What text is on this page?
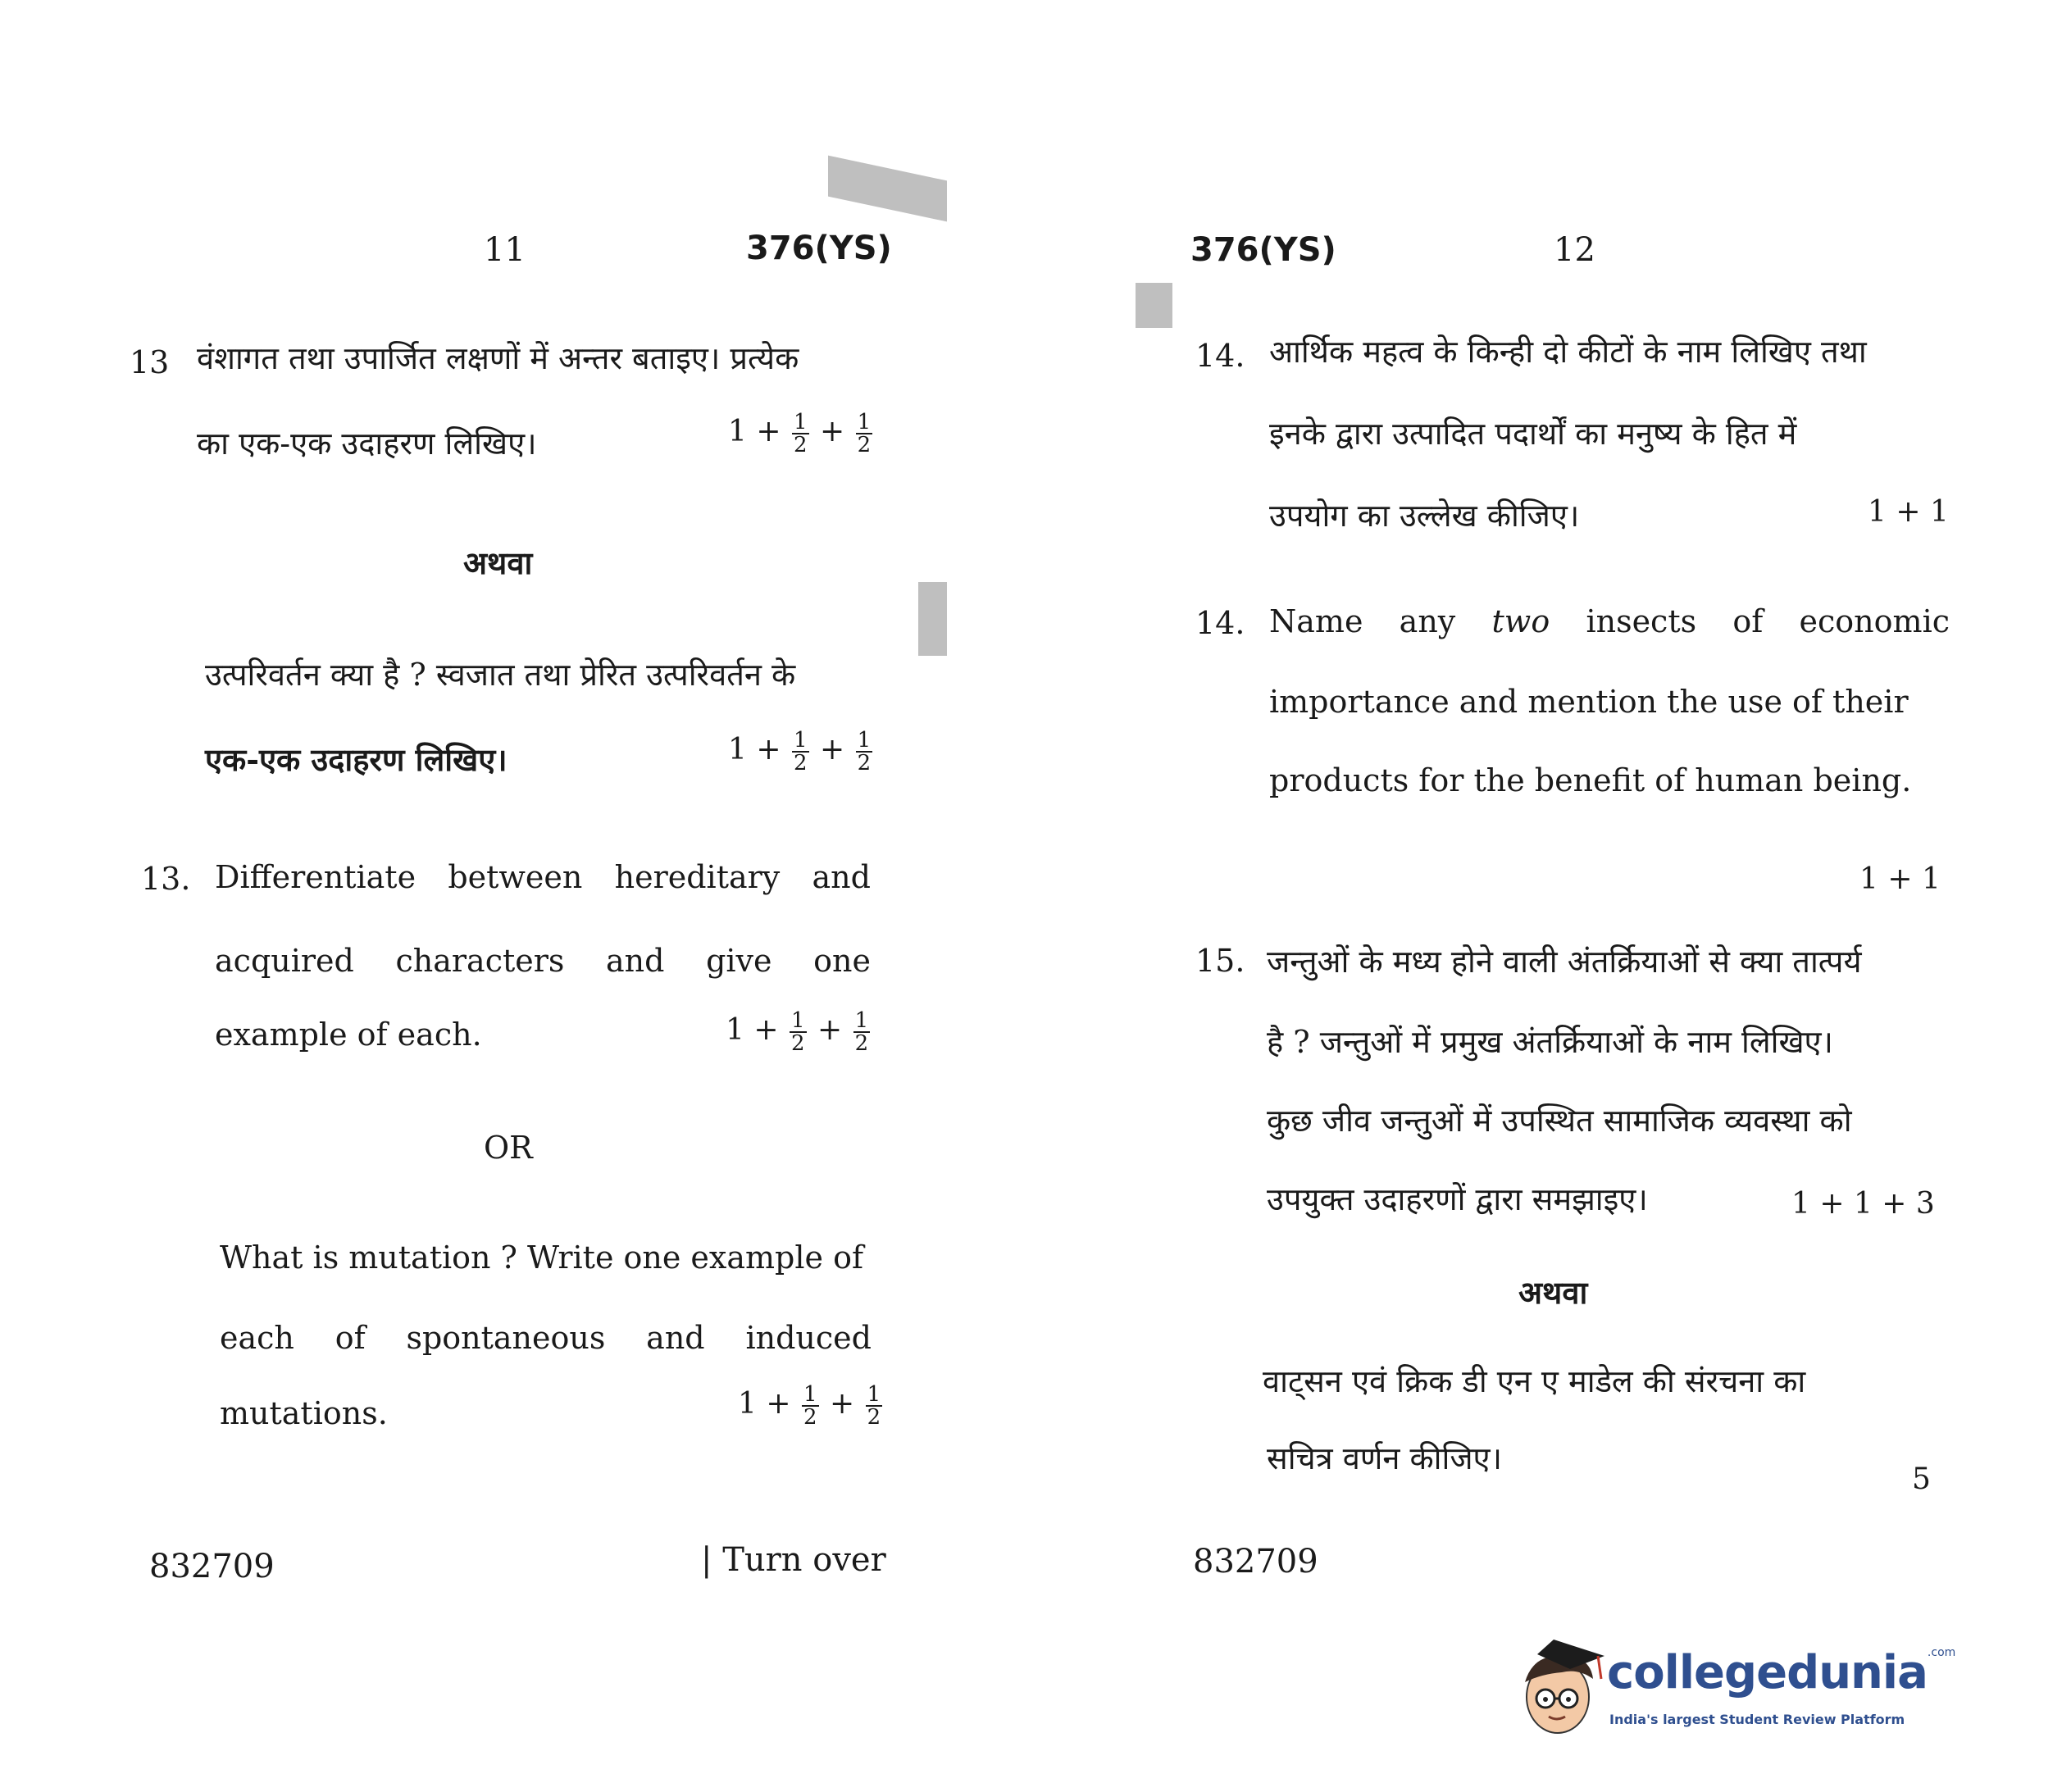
11	376(YS)
13 वंशागत तथा उपार्जित लक्षणों में अन्तर बताइए। प्रत्येक
का एक-एक उदाहरण लिखिए।	$1 + \frac{1}{2} + \frac{1}{2}$
अथवा
उत्परिवर्तन क्या है ? स्वजात तथा प्रेरित उत्परिवर्तन के
एक-एक उदाहरण लिखिए।	$1 + \frac{1}{2} + \frac{1}{2}$
13. Differentiate between hereditary and
acquired characters and give one
example of each.	$1 + \frac{1}{2} + \frac{1}{2}$
OR
What is mutation ? Write one example of
each of spontaneous and induced
mutations.	$1 + \frac{1}{2} + \frac{1}{2}$
832709	| Turn over
376(YS)	12
14. आर्थिक महत्व के किन्ही दो कीटों के नाम लिखिए तथा
इनके द्वारा उत्पादित पदार्थों का मनुष्य के हित में
उपयोग का उल्लेख कीजिए।	1 + 1
14. Name any two insects of economic
importance and mention the use of their
products for the benefit of human being.
1 + 1
15. जन्तुओं के मध्य होने वाली अंतर्क्रियाओं से क्या तात्पर्य
है ? जन्तुओं में प्रमुख अंतर्क्रियाओं के नाम लिखिए।
कुछ जीव जन्तुओं में उपस्थित सामाजिक व्यवस्था को
उपयुक्त उदाहरणों द्वारा समझाइए।	1 + 1 + 3
अथवा
वाट्सन एवं क्रिक डी एन ए माडेल की संरचना का
सचित्र वर्णन कीजिए।
5
832709
collegedunia.com
India's largest Student Review Platform
